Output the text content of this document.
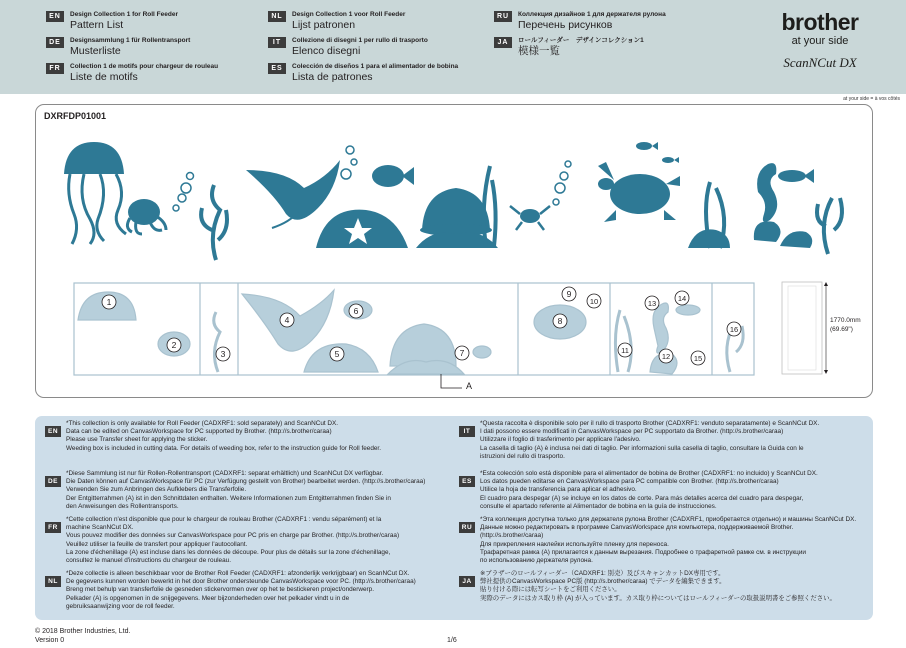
EN	Design Collection 1 for Roll Feeder
Pattern List
DE	Designsammlung 1 für Rollentransport
Musterliste
FR	Collection 1 de motifs pour chargeur de rouleau
Liste de motifs
NL	Design Collection 1 voor Roll Feeder
Lijst patronen
IT	Collezione di disegni 1 per rullo di trasporto
Elenco disegni
ES	Colección de diseños 1 para el alimentador de bobina
Lista de patrones
RU	Коллекция дизайнов 1 для держателя рулона
Перечень рисунков
JA	ロールフィーダー　デザインコレクション1
模様一覧
brother
at your side
ScanNCut DX
at your side = à vos côtés
DXRFDP01001
1
2
3
4
5
6
7
8
9
10
11
12
13
14
15
16
1770.0mm
(69.69")
A
EN
*This collection is only available for Roll Feeder (CADXRF1: sold separately) and ScanNCut DX.
Data can be edited on CanvasWorkspace for PC supported by Brother. (http://s.brother/caraa)
Please use Transfer sheet for applying the sticker.
Weeding box is included in cutting data. For details of weeding box, refer to the instruction guide for Roll feeder.
DE
*Diese Sammlung ist nur für Rollen-Rollentransport (CADXRF1: separat erhältlich) und ScanNCut DX verfügbar.
Die Daten können auf CanvasWorkspace für PC (zur Verfügung gestellt von Brother) bearbeitet werden. (http://s.brother/caraa)
Verwenden Sie zum Anbringen des Aufklebers die Transferfolie.
Der Entgitterrahmen (A) ist in den Schnittdaten enthalten. Weitere Informationen zum Entgitterrahmen finden Sie in
den Anweisungen des Rollentransports.
FR
*Cette collection n'est disponible que pour le chargeur de rouleau Brother (CADXRF1 : vendu séparément) et la
machine ScanNCut DX.
Vous pouvez modifier des données sur CanvasWorkspace pour PC pris en charge par Brother. (http://s.brother/caraa)
Veuillez utiliser la feuille de transfert pour appliquer l'autocollant.
La zone d'échenillage (A) est incluse dans les données de découpe. Pour plus de détails sur la zone d'échenillage,
consultez le manuel d'instructions du chargeur de rouleau.
NL
*Deze collectie is alleen beschikbaar voor de Brother Roll Feeder (CADXRF1: afzonderlijk verkrijgbaar) en ScanNCut DX.
De gegevens kunnen worden bewerkt in het door Brother ondersteunde CanvasWorkspace voor PC. (http://s.brother/caraa)
Breng met behulp van transferfolie de gesneden stickervormen over op het te bestickeren project/onderwerp.
Pelkader (A) is opgenomen in de snijgegevens. Meer bijzonderheden over het pelkader vindt u in de
gebruiksaanwijzing voor de roll feeder.
IT
*Questa raccolta è disponibile solo per il rullo di trasporto Brother (CADXRF1: venduto separatamente) e ScanNCut DX.
I dati possono essere modificati in CanvasWorkspace per PC supportato da Brother. (http://s.brother/caraa)
Utilizzare il foglio di trasferimento per applicare l'adesivo.
La casella di taglio (A) è inclusa nei dati di taglio. Per informazioni sulla casella di taglio, consultare la Guida con le
istruzioni del rullo di trasporto.
ES
*Esta colección solo está disponible para el alimentador de bobina de Brother (CADXRF1: no incluido) y ScanNCut DX.
Los datos pueden editarse en CanvasWorkspace para PC compatible con Brother. (http://s.brother/caraa)
Utilice la hoja de transferencia para aplicar el adhesivo.
El cuadro para despegar (A) se incluye en los datos de corte. Para más detalles acerca del cuadro para despegar,
consulte el apartado referente al Alimentador de bobina en la guía de instrucciones.
RU
*Эта коллекция доступна только для держателя рулона Brother (CADXRF1, приобретается отдельно) и машины ScanNCut DX.
Данные можно редактировать в программе CanvasWorkspace для компьютера, поддерживаемой Brother.
(http://s.brother/caraa)
Для прикрепления наклейки используйте пленку для переноса.
Трафаретная рамка (A) прилагается к данным вырезания. Подробнее о трафаретной рамке см. в инструкции
по использованию держателя рулона.
JA
※ブラザーのロールフィーダー（CADXRF1: 別売）及びスキャンカットDX専用です。
弊社提供のCanvasWorkspace PC版 (http://s.brother/caraa) でデータを編集できます。
貼り付ける際には転写シートをご利用ください。
実際のデータにはカス取り枠 (A) が入っています。カス取り枠についてはロールフィーダーの取扱説明書をご参照ください。
© 2018 Brother Industries, Ltd.
Version 0	1/6
